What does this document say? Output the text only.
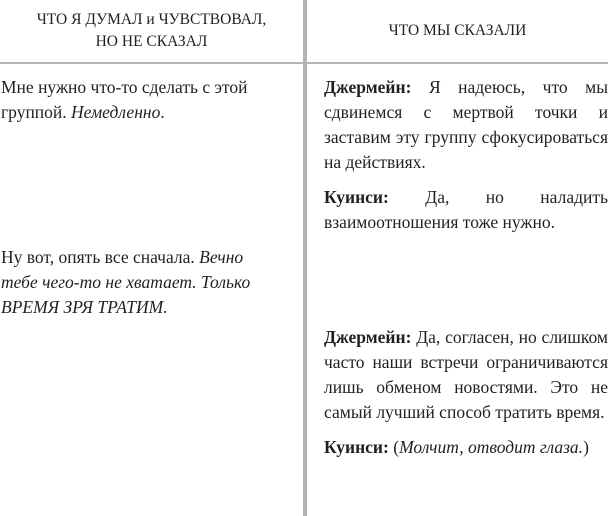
ЧТО Я ДУМАЛ и ЧУВСТВОВАЛ,
НО НЕ СКАЗАЛ
ЧТО МЫ СКАЗАЛИ
Мне нужно что-то сделать с этой группой. Немедленно.
Ну вот, опять все сначала. Вечно тебе чего-то не хватает. Только ВРЕМЯ ЗРЯ ТРАТИМ.

Джермейн: Я надеюсь, что мы сдвинемся с мертвой точки и заставим эту группу сфокусироваться на действиях.

Куинси: Да, но наладить взаимоотношения тоже нужно.

Джермейн: Да, согласен, но слишком часто наши встречи ограничиваются лишь обменом новостями. Это не самый лучший способ тратить время.

Куинси: (Молчит, отводит глаза.)
